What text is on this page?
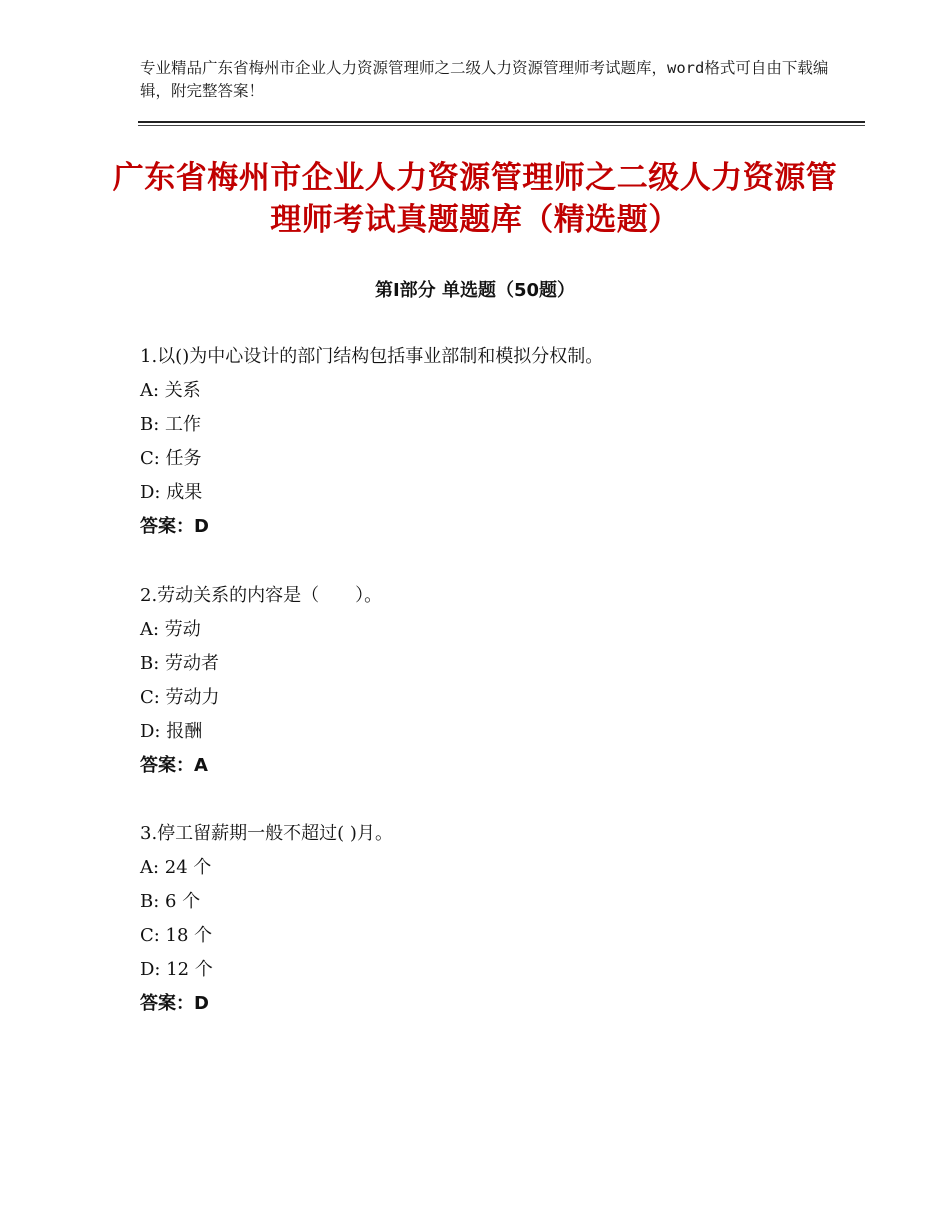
专业精品广东省梅州市企业人力资源管理师之二级人力资源管理师考试题库，word格式可自由下载编辑，附完整答案！
广东省梅州市企业人力资源管理师之二级人力资源管理师考试真题题库（精选题）
第Ⅰ部分 单选题（50题）
1.以()为中心设计的部门结构包括事业部制和模拟分权制。
A: 关系
B: 工作
C: 任务
D: 成果
答案：D
2.劳动关系的内容是（　　）。
A: 劳动
B: 劳动者
C: 劳动力
D: 报酬
答案：A
3.停工留薪期一般不超过( )月。
A: 24 个
B: 6 个
C: 18 个
D: 12 个
答案：D
